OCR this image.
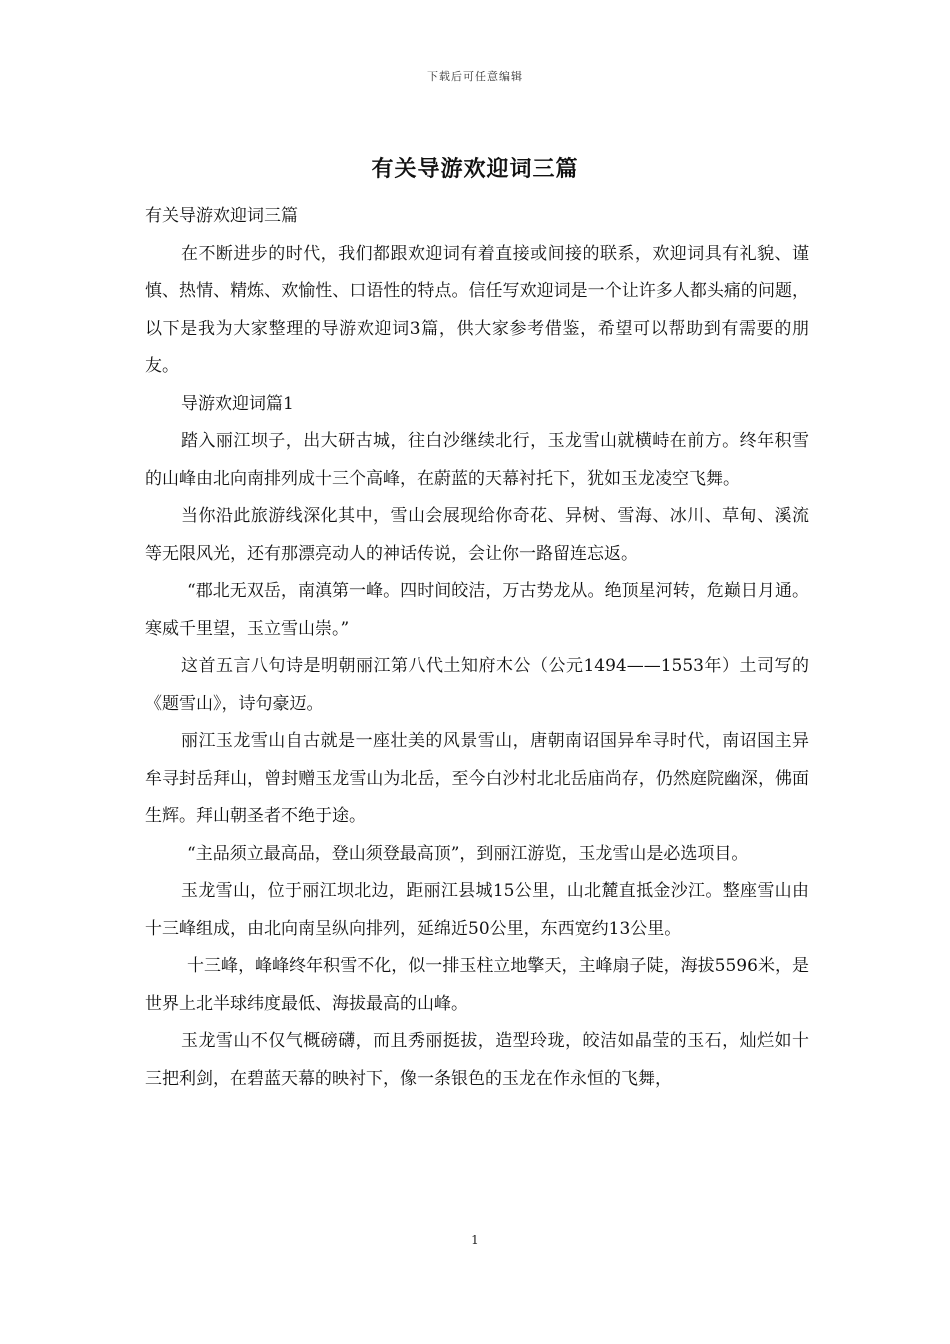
下载后可任意编辑
有关导游欢迎词三篇

有关导游欢迎词三篇

在不断进步的时代，我们都跟欢迎词有着直接或间接的联系，欢迎词具有礼貌、谨慎、热情、精炼、欢愉性、口语性的特点。信任写欢迎词是一个让许多人都头痛的问题，以下是我为大家整理的导游欢迎词3篇，供大家参考借鉴，希望可以帮助到有需要的朋友。

导游欢迎词篇1

踏入丽江坝子，出大研古城，往白沙继续北行，玉龙雪山就横峙在前方。终年积雪的山峰由北向南排列成十三个高峰，在蔚蓝的天幕衬托下，犹如玉龙凌空飞舞。

当你沿此旅游线深化其中，雪山会展现给你奇花、异树、雪海、冰川、草甸、溪流等无限风光，还有那漂亮动人的神话传说，会让你一路留连忘返。

“郡北无双岳，南滇第一峰。四时间皎洁，万古势龙从。绝顶星河转，危巅日月通。寒威千里望，玉立雪山崇。”

这首五言八句诗是明朝丽江第八代土知府木公（公元1494——1553年）土司写的《题雪山》，诗句豪迈。

丽江玉龙雪山自古就是一座壮美的风景雪山，唐朝南诏国异牟寻时代，南诏国主异牟寻封岳拜山，曾封赠玉龙雪山为北岳，至今白沙村北北岳庙尚存，仍然庭院幽深，佛面生辉。拜山朝圣者不绝于途。

“主品须立最高品，登山须登最高顶”，到丽江游览，玉龙雪山是必选项目。

玉龙雪山，位于丽江坝北边，距丽江县城15公里，山北麓直抵金沙江。整座雪山由十三峰组成，由北向南呈纵向排列，延绵近50公里，东西宽约13公里。

十三峰，峰峰终年积雪不化，似一排玉柱立地擎天，主峰扇子陡，海拔5596米，是世界上北半球纬度最低、海拔最高的山峰。

玉龙雪山不仅气概磅礴，而且秀丽挺拔，造型玲珑，皎洁如晶莹的玉石，灿烂如十三把利剑，在碧蓝天幕的映衬下，像一条银色的玉龙在作永恒的飞舞，

1
